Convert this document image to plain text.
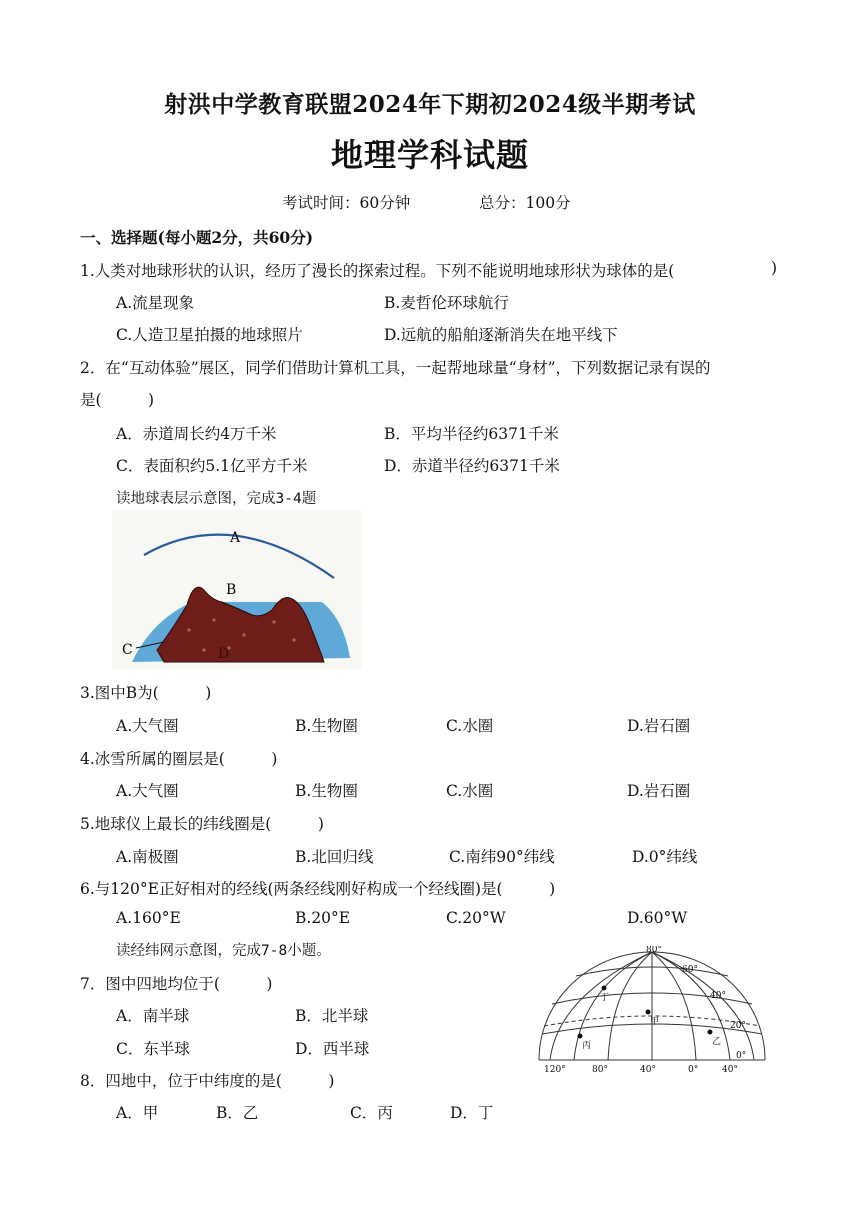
射洪中学教育联盟2024年下期初2024级半期考试
地理学科试题
考试时间：60分钟	总分：100分
一、选择题(每小题2分，共60分)
1.人类对地球形状的认识，经历了漫长的探索过程。下列不能说明地球形状为球体的是(	)
A.流星现象	B.麦哲伦环球航行
C.人造卫星拍摄的地球照片	D.远航的船舶逐渐消失在地平线下
2．在“互动体验”展区，同学们借助计算机工具，一起帮地球量“身材”，下列数据记录有误的
是(　　　)
A．赤道周长约4万千米	B．平均半径约6371千米
C．表面积约5.1亿平方千米	D．赤道半径约6371千米
读地球表层示意图，完成3-4题
A
B
C	D
3.图中B为(　　　)
A.大气圈	B.生物圈	C.水圈	D.岩石圈
4.冰雪所属的圈层是(　　　)
A.大气圈	B.生物圈	C.水圈	D.岩石圈
5.地球仪上最长的纬线圈是(　　　)
A.南极圈	B.北回归线	C.南纬90°纬线	D.0°纬线
6.与120°E正好相对的经线(两条经线刚好构成一个经线圈)是(　　　)
A.160°E	B.20°E	C.20°W	D.60°W
读经纬网示意图，完成7-8小题。
7．图中四地均位于(　　　)
A．南半球	B．北半球
C．东半球	D．西半球
8．四地中，位于中纬度的是(　　　)
A．甲	B．乙	C．丙	D．丁
丁
甲
丙	乙
80°
60°
40°
20°
0°
120°	80°	40°	0°	40°
